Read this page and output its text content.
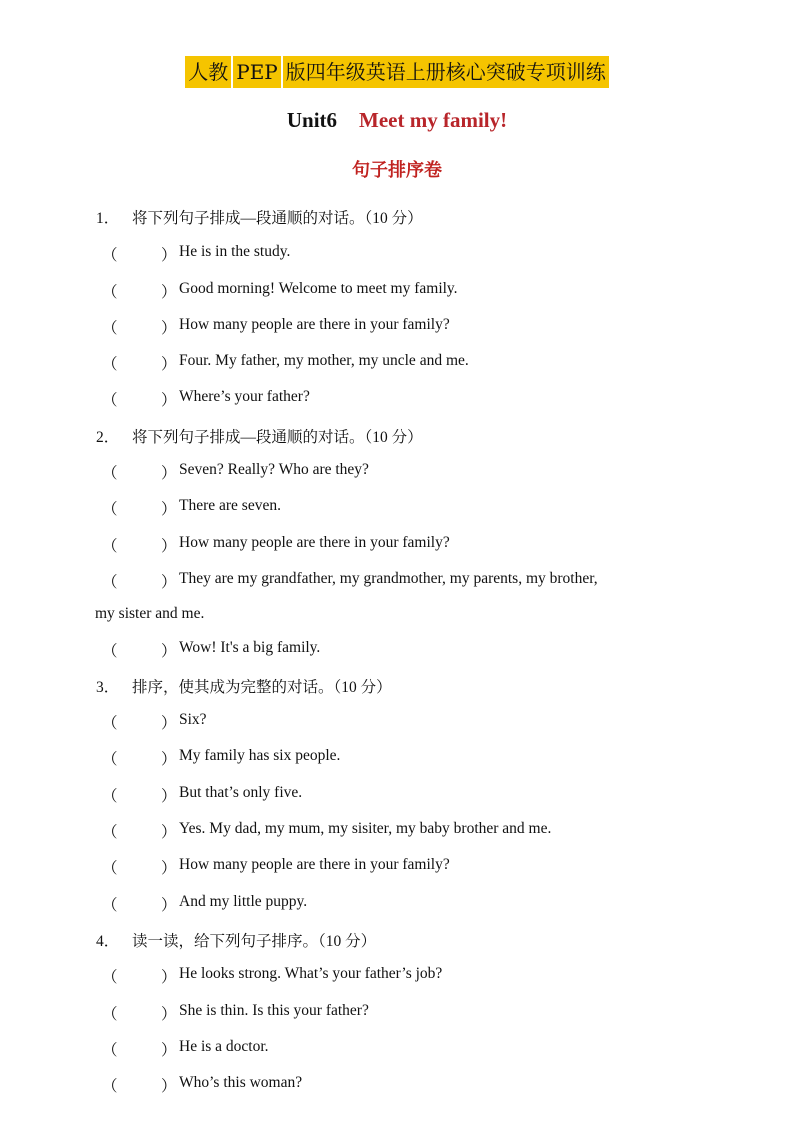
人教 PEP 版四年级英语上册核心突破专项训练
Unit6 Meet my family!
句子排序卷
1． 将下列句子排成—段通顺的对话。（10 分）
（	） He is in the study.
（	） Good morning! Welcome to meet my family.
（	） How many people are there in your family?
（	） Four. My father, my mother, my uncle and me.
（	） Where’s your father?
2． 将下列句子排成—段通顺的对话。（10 分）
（	） Seven? Really? Who are they?
（	） There are seven.
（	） How many people are there in your family?
（	） They are my grandfather, my grandmother, my parents, my brother,
my sister and me.
（	） Wow! It's a big family.
3． 排序，使其成为完整的对话。（10 分）
（	） Six?
（	） My family has six people.
（	） But that’s only five.
（	） Yes. My dad, my mum, my sisiter, my baby brother and me.
（	） How many people are there in your family?
（	） And my little puppy.
4． 读一读，给下列句子排序。（10 分）
（	） He looks strong. What’s your father’s job?
（	） She is thin. Is this your father?
（	） He is a doctor.
（	） Who’s this woman?
